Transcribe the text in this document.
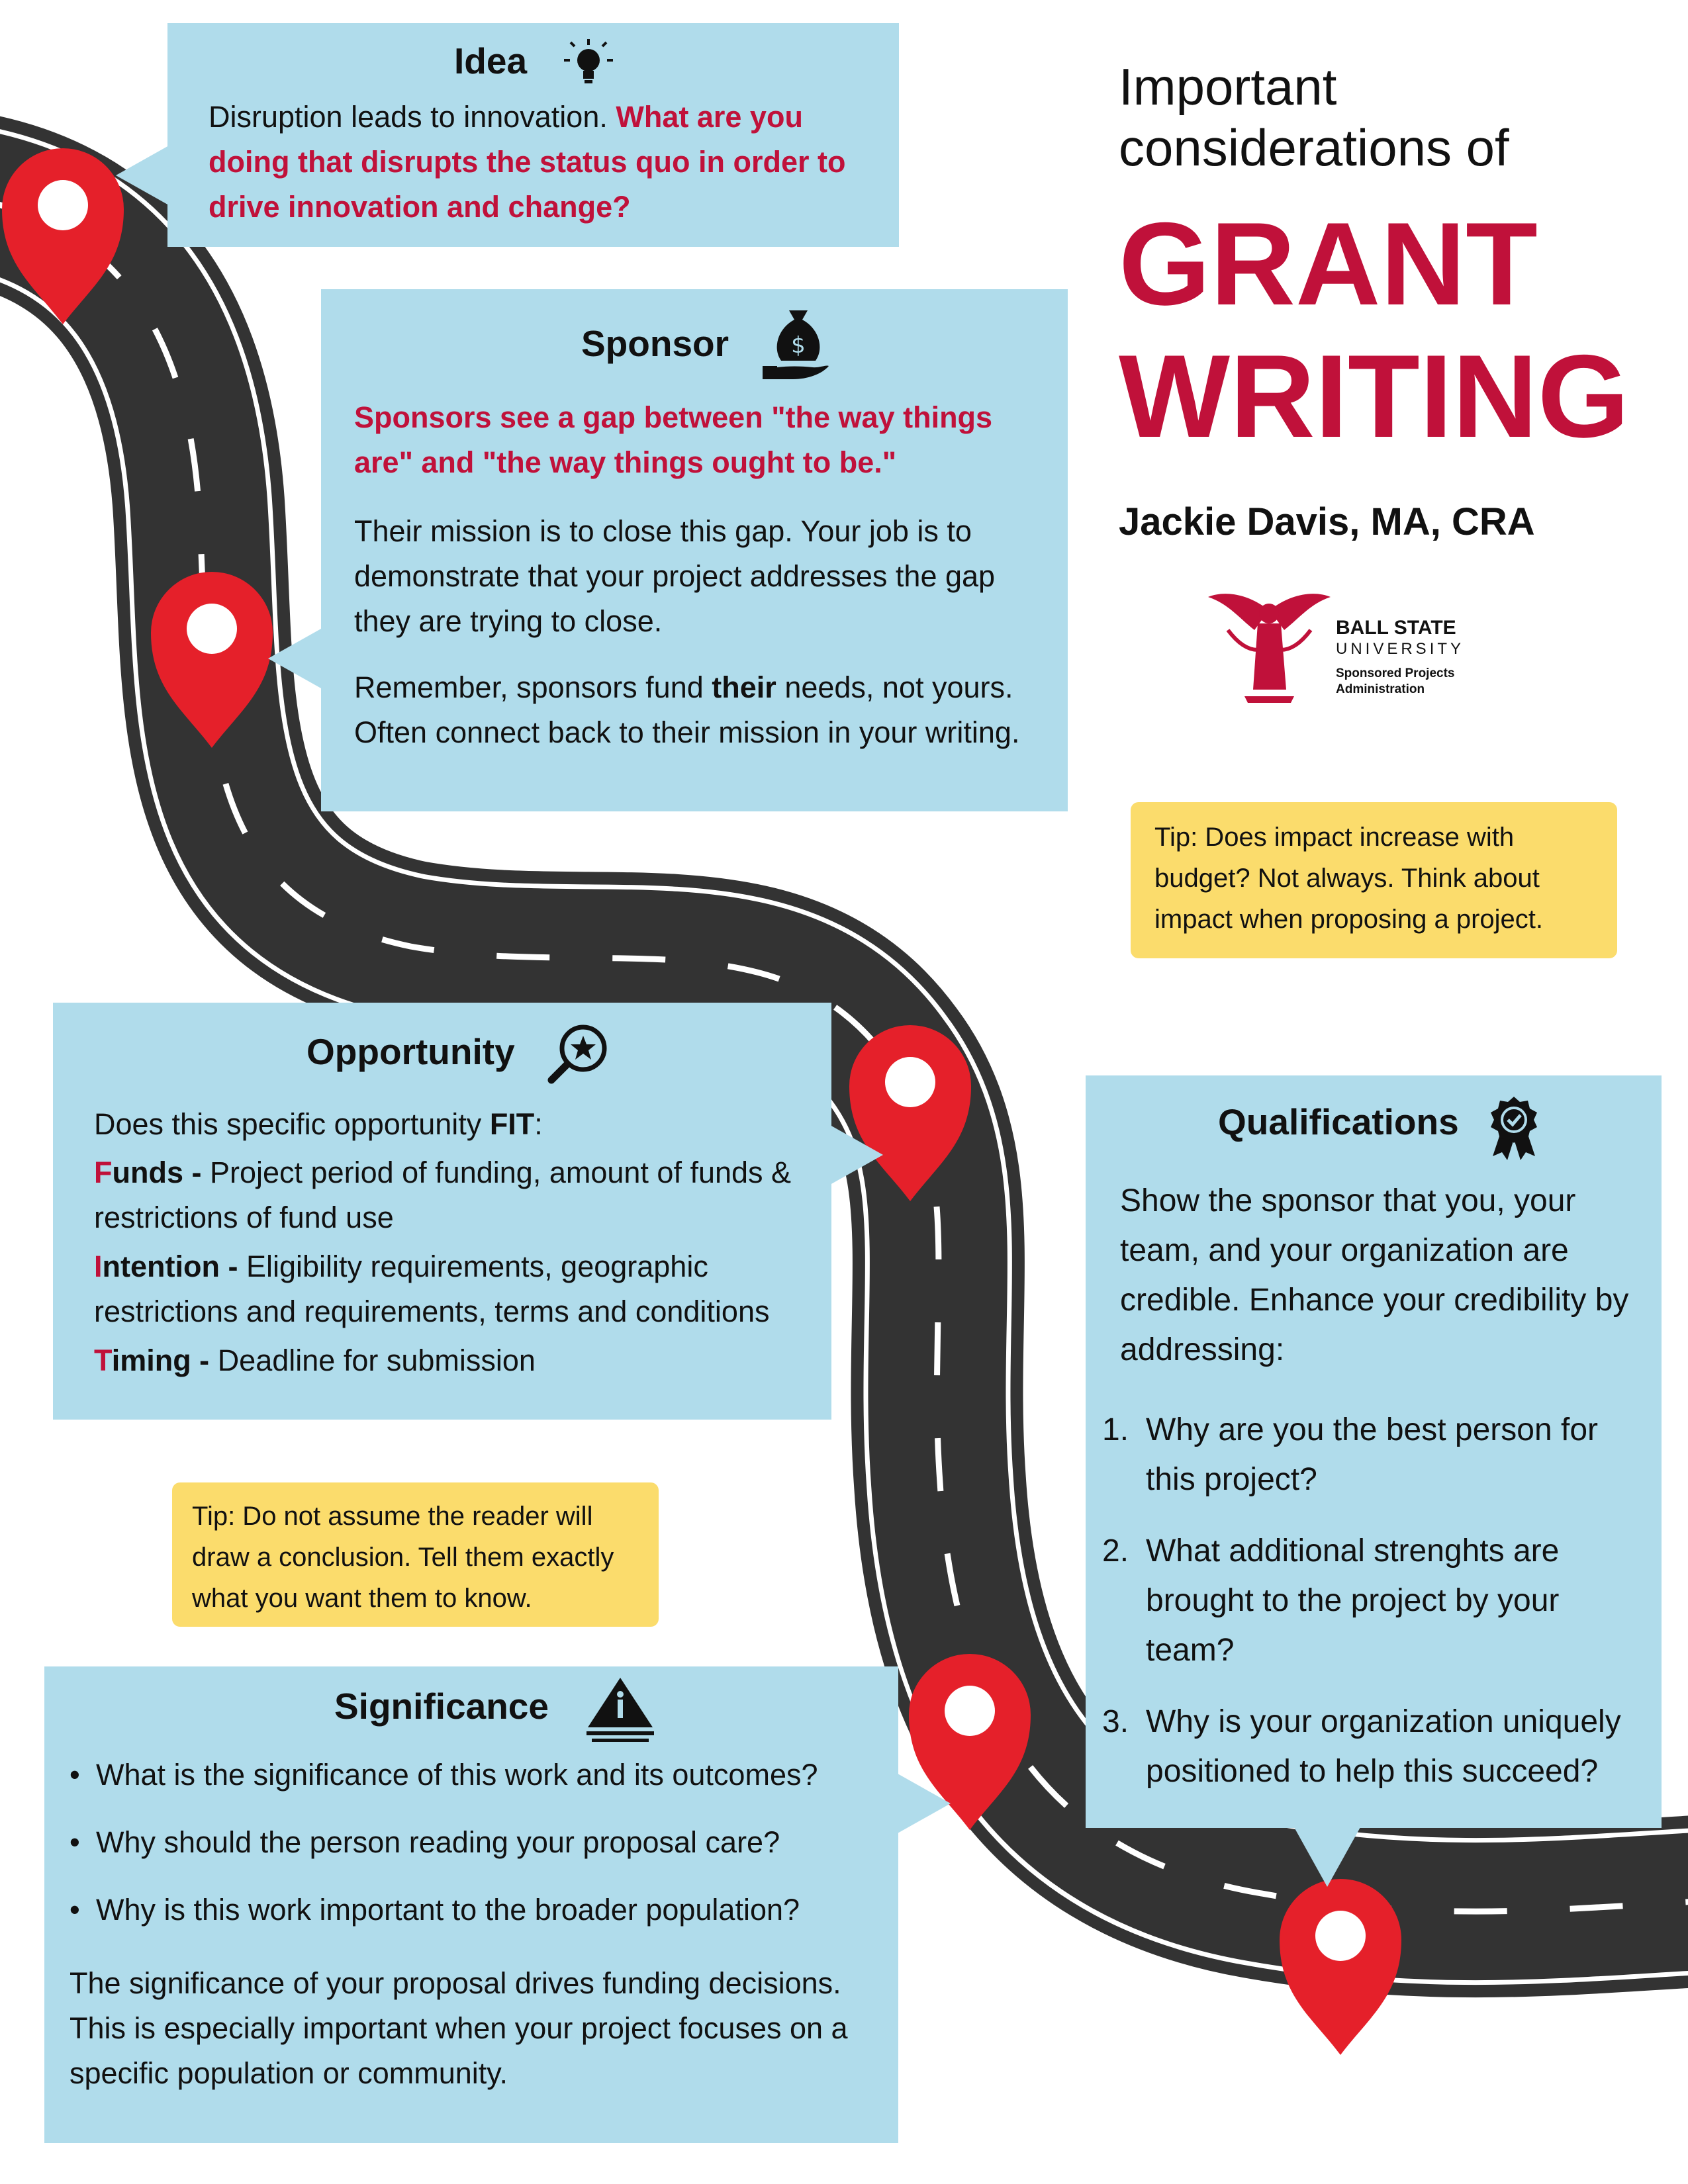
Important
considerations of
GRANT
WRITING
Jackie Davis, MA, CRA
BALL STATE
UNIVERSITY
Sponsored Projects
Administration
Idea
Disruption leads to innovation. What are you doing that disrupts the status quo in order to drive innovation and change?
Sponsor	$
Sponsors see a gap between "the way things are" and "the way things ought to be."
Their mission is to close this gap. Your job is to demonstrate that your project addresses the gap they are trying to close.
Remember, sponsors fund their needs, not yours. Often connect back to their mission in your writing.
Tip: Does impact increase with budget? Not always. Think about impact when proposing a project.
Opportunity
Does this specific opportunity FIT:
Funds - Project period of funding, amount of funds & restrictions of fund use
Intention - Eligibility requirements, geographic restrictions and requirements, terms and conditions
Timing - Deadline for submission
Qualifications
Show the sponsor that you, your team, and your organization are credible. Enhance your credibility by addressing:
1. Why are you the best person for this project?
2. What additional strenghts are brought to the project by your team?
3. Why is your organization uniquely positioned to help this succeed?
Tip: Do not assume the reader will draw a conclusion. Tell them exactly what you want them to know.
Significance
• What is the significance of this work and its outcomes?
• Why should the person reading your proposal care?
• Why is this work important to the broader population?
The significance of your proposal drives funding decisions. This is especially important when your project focuses on a specific population or community.
